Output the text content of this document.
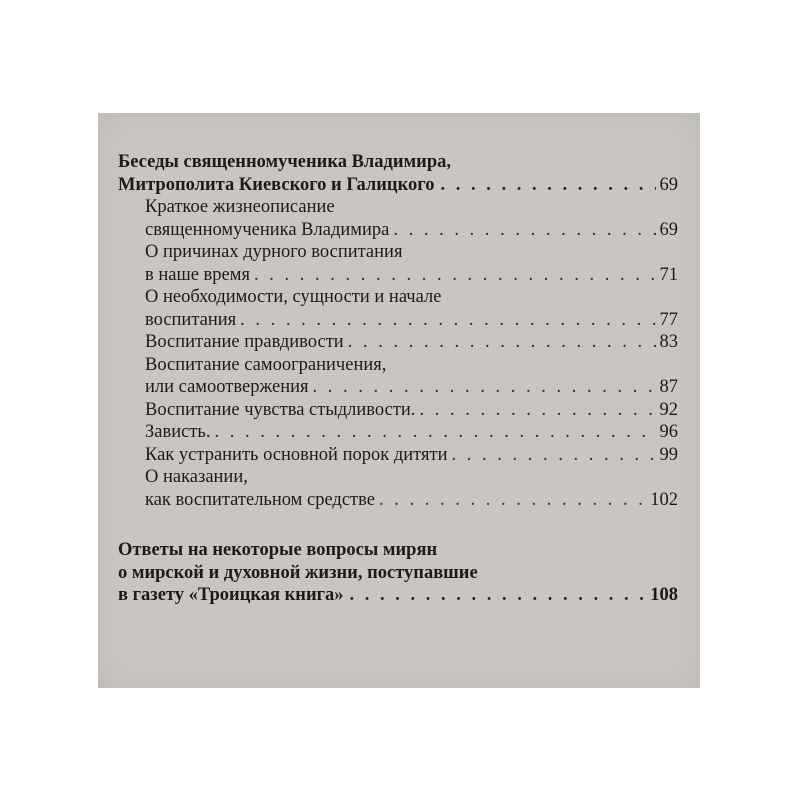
Беседы священномученика Владимира,
Митрополита Киевского и Галицкого . . .	69
Краткое жизнеописание
священномученика Владимира . . .	69
О причинах дурного воспитания
в наше время . . .	71
О необходимости, сущности и начале
воспитания . . .	77
Воспитание правдивости . . .	83
Воспитание самоограничения,
или самоотвержения . . .	87
Воспитание чувства стыдливости. . . .	92
Зависть. . . .	96
Как устранить основной порок дитяти . . .	99
О наказании,
как воспитательном средстве . . .	102
Ответы на некоторые вопросы мирян
о мирской и духовной жизни, поступавшие
в газету «Троицкая книга» . . .	108
